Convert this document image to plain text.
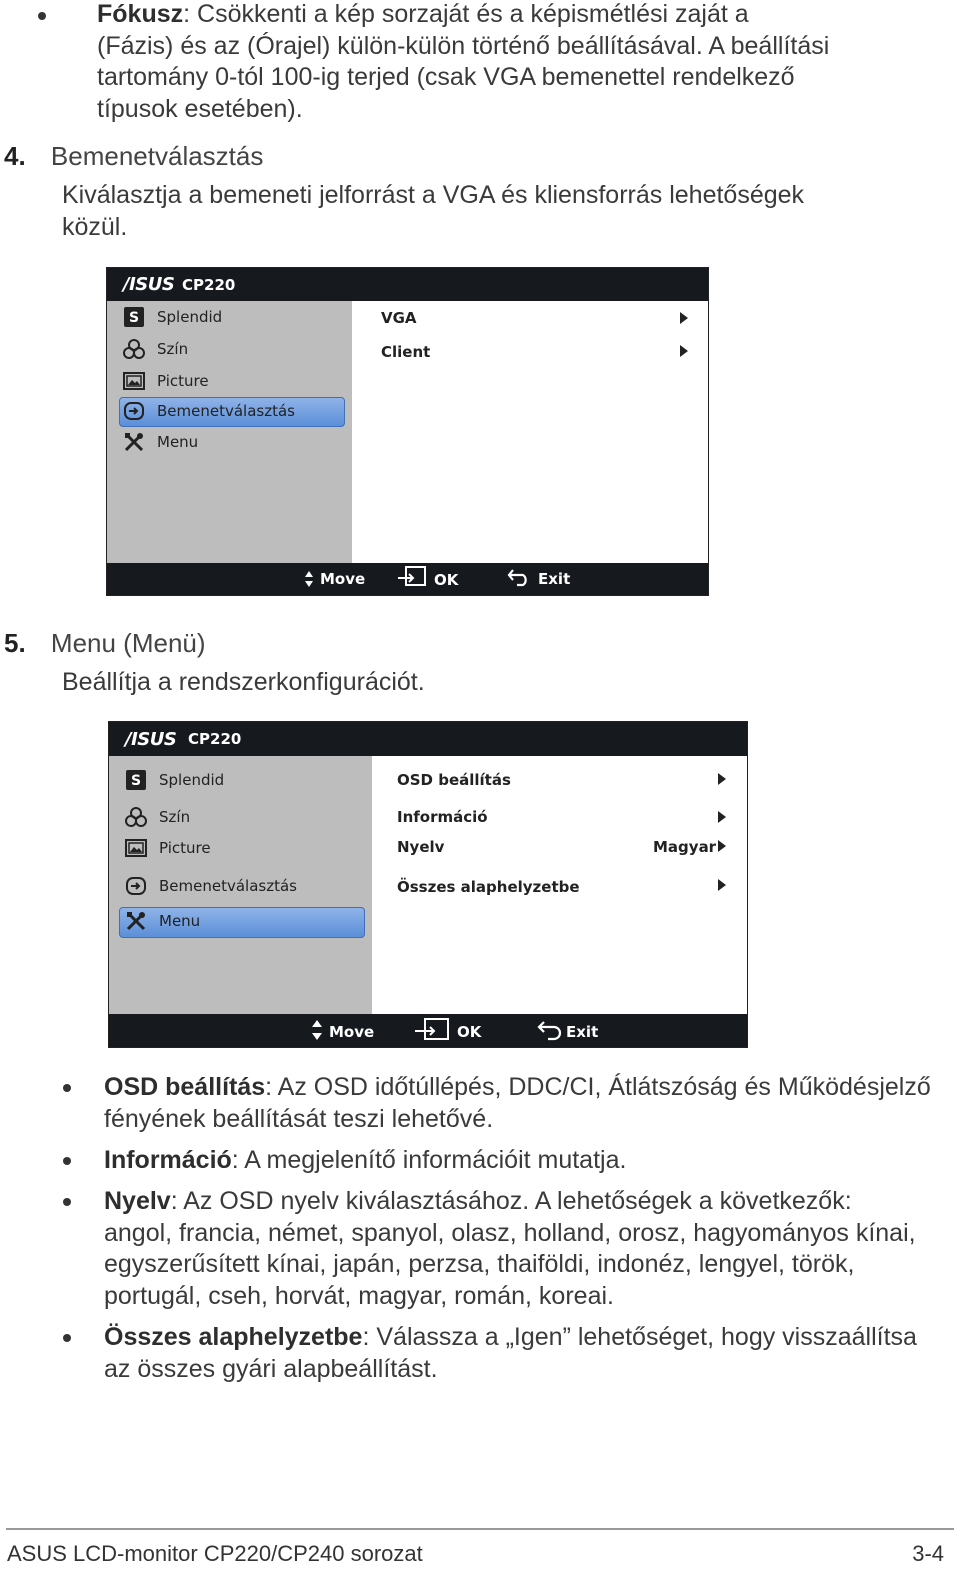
Fókusz: Csökkenti a kép sorzaját és a képismétlési zaját a
(Fázis) és az (Órajel) külön-külön történő beállításával. A beállítási
tartomány 0-tól 100-ig terjed (csak VGA bemenettel rendelkező
típusok esetében).
4. Bemenetválasztás
Kiválasztja a bemeneti jelforrást a VGA és kliensforrás lehetőségek
közül.
/ISUS CP220
S Splendid
Szín
Picture
Bemenetválasztás
Menu
VGA
Client
Move	OK	Exit
5. Menu (Menü)
Beállítja a rendszerkonfigurációt.
/ISUS CP220
S Splendid
Szín
Picture
Bemenetválasztás
Menu
OSD beállítás
Információ
Nyelv	Magyar
Összes alaphelyzetbe
Move	OK	Exit
OSD beállítás: Az OSD időtúllépés, DDC/CI, Átlátszóság és Működésjelző
fényének beállítását teszi lehetővé.
Információ: A megjelenítő információit mutatja.
Nyelv: Az OSD nyelv kiválasztásához. A lehetőségek a következők:
angol, francia, német, spanyol, olasz, holland, orosz, hagyományos kínai,
egyszerűsített kínai, japán, perzsa, thaiföldi, indonéz, lengyel, török,
portugál, cseh, horvát, magyar, román, koreai.
Összes alaphelyzetbe: Válassza a „Igen” lehetőséget, hogy visszaállítsa
az összes gyári alapbeállítást.
ASUS LCD-monitor CP220/CP240 sorozat	3-4
